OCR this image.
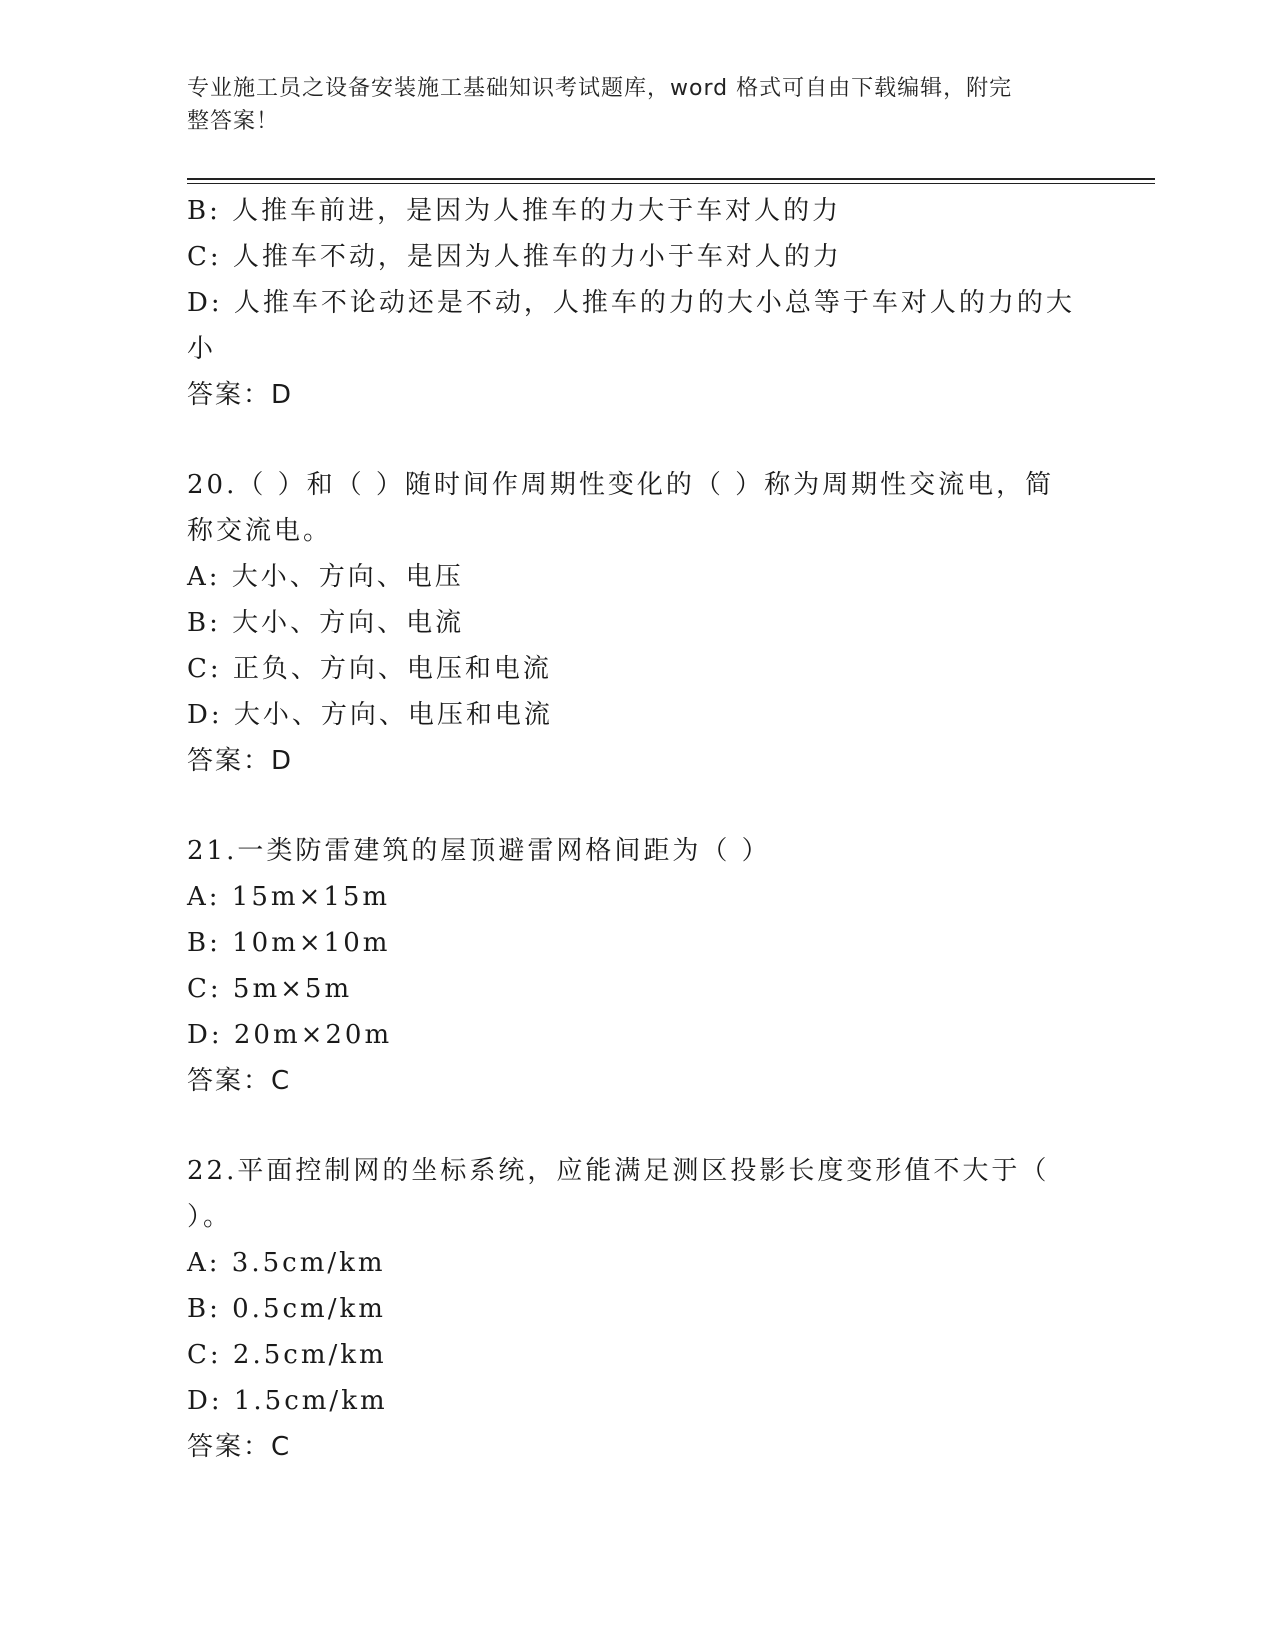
专业施工员之设备安装施工基础知识考试题库，word 格式可自由下载编辑，附完
整答案！
B: 人推车前进，是因为人推车的力大于车对人的力
C: 人推车不动，是因为人推车的力小于车对人的力
D: 人推车不论动还是不动，人推车的力的大小总等于车对人的力的大
小
答案：D
20.（ ）和（ ）随时间作周期性变化的（ ）称为周期性交流电，简
称交流电。
A: 大小、方向、电压
B: 大小、方向、电流
C: 正负、方向、电压和电流
D: 大小、方向、电压和电流
答案：D
21.一类防雷建筑的屋顶避雷网格间距为（ ）
A: 15m×15m
B: 10m×10m
C: 5m×5m
D: 20m×20m
答案：C
22.平面控制网的坐标系统，应能满足测区投影长度变形值不大于（
）。
A: 3.5cm/km
B: 0.5cm/km
C: 2.5cm/km
D: 1.5cm/km
答案：C
